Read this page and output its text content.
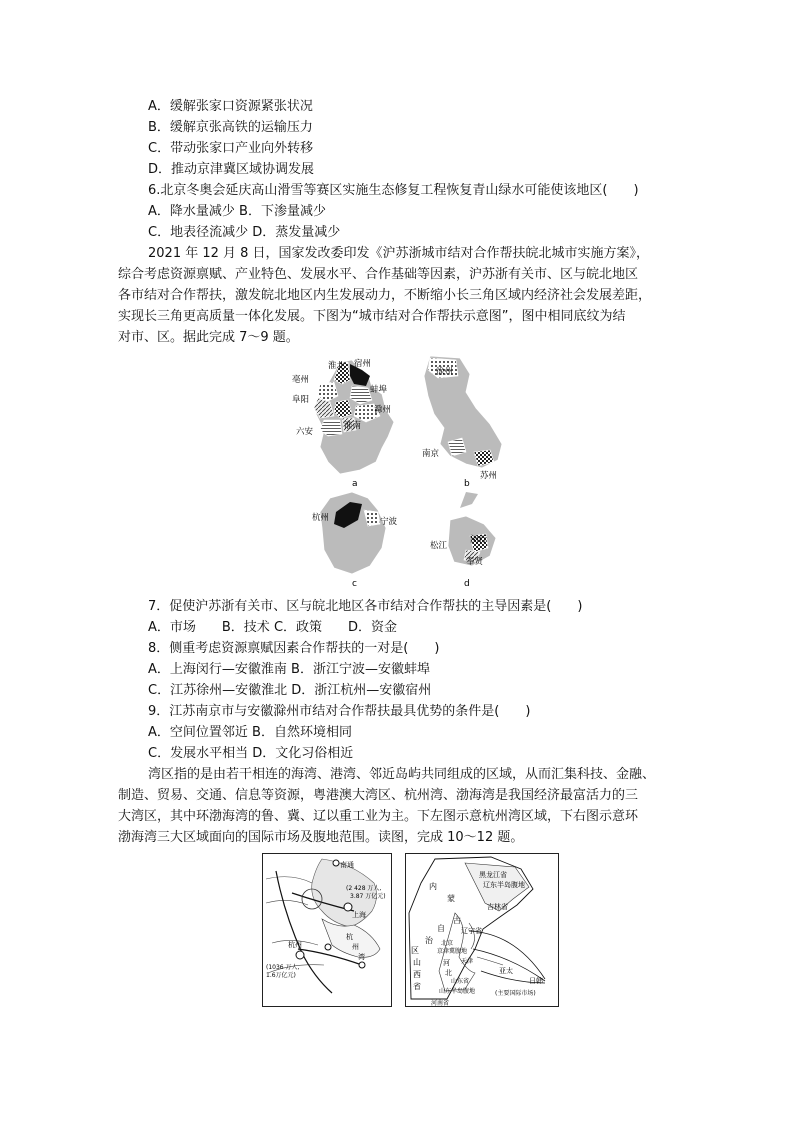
A．缓解张家口资源紧张状况
B．缓解京张高铁的运输压力
C．带动张家口产业向外转移
D．推动京津冀区域协调发展
6.北京冬奥会延庆高山滑雪等赛区实施生态修复工程恢复青山绿水可能使该地区(　　)
A．降水量减少 B．下渗量减少
C．地表径流减少 D．蒸发量减少
2021 年 12 月 8 日，国家发改委印发《沪苏浙城市结对合作帮扶皖北城市实施方案》，
综合考虑资源禀赋、产业特色、发展水平、合作基础等因素，沪苏浙有关市、区与皖北地区
各市结对合作帮扶，激发皖北地区内生发展动力，不断缩小长三角区域内经济社会发展差距，
实现长三角更高质量一体化发展。下图为“城市结对合作帮扶示意图”，图中相同底纹为结
对市、区。据此完成 7～9 题。
淮北 宿州
亳州
蚌埠
阜阳
滁州
淮南
六安
a
徐州
南京
苏州
b
杭州	宁波
c
松江
闵行
奉贤
d
7．促使沪苏浙有关市、区与皖北地区各市结对合作帮扶的主导因素是(　　)
A．市场　　B．技术 C．政策　　D．资金
8．侧重考虑资源禀赋因素合作帮扶的一对是(　　)
A．上海闵行—安徽淮南 B．浙江宁波—安徽蚌埠
C．江苏徐州—安徽淮北 D．浙江杭州—安徽宿州
9．江苏南京市与安徽滁州市结对合作帮扶最具优势的条件是(　　)
A．空间位置邻近 B．自然环境相同
C．发展水平相当 D．文化习俗相近
湾区指的是由若干相连的海湾、港湾、邻近岛屿共同组成的区域，从而汇集科技、金融、
制造、贸易、交通、信息等资源，粤港澳大湾区、杭州湾、渤海湾是我国经济最富活力的三
大湾区，其中环渤海湾的鲁、冀、辽以重工业为主。下左图示意杭州湾区域，下右图示意环
渤海湾三大区域面向的国际市场及腹地范围。读图，完成 10～12 题。
南通
(2 428 万人,
3.87 万亿元)
上海
杭州
杭
州
湾
(1036 万人,
1.6万亿元)
内
蒙
古
自
治
区
黑龙江省
辽东半岛腹地
吉林省
辽宁省
京津冀腹地
北京
天津
河
北
山
西
省
山东省
山东半岛腹地
河南省
日韩
(主要国际市场)
亚太
